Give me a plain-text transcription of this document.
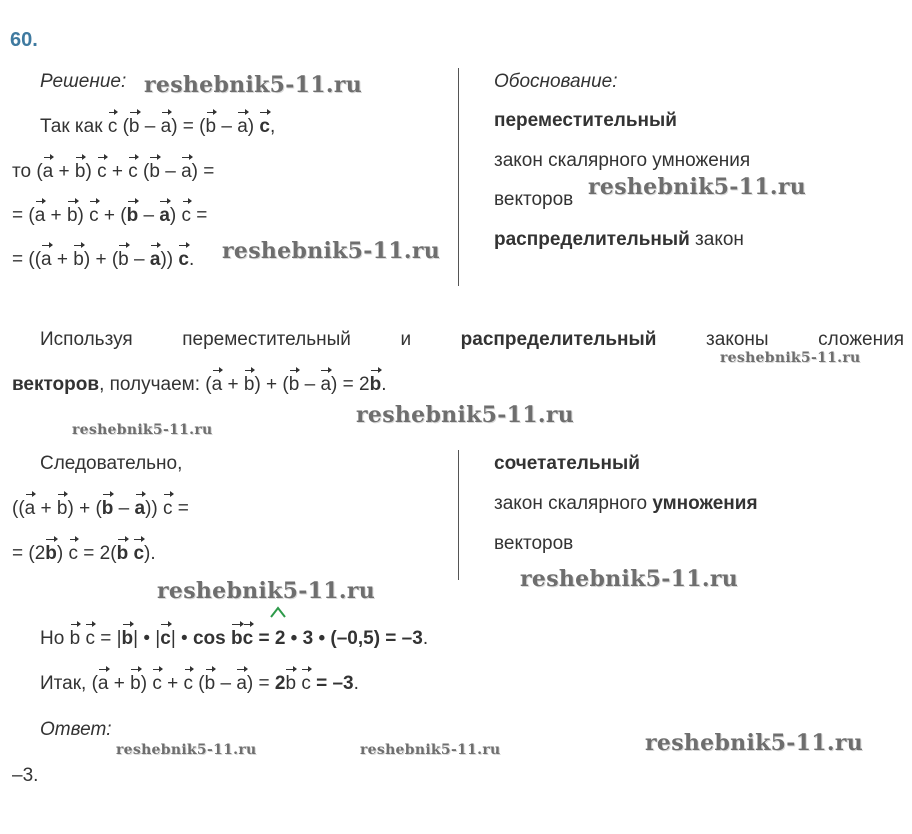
60.
Решение:
Так как c (b – a) = (b – a) c,
то (a + b) c + c (b – a) =
= (a + b) c + (b – a) c =
= ((a + b) + (b – a)) c.
Обоснование:
переместительный
закон скалярного умножения
векторов
распределительный закон
Используя	переместительный	и	распределительный	законы	сложения
векторов, получаем: (a + b) + (b – a) = 2b.
Следовательно,
((a + b) + (b – a)) c =
= (2b) c = 2(b c).
сочетательный
закон скалярного умножения
векторов
Но b c = |b| • |c| • cos bc = 2 • 3 • (–0,5) = –3.
Итак, (a + b) c + c (b – a) = 2b c = –3.
Ответ:
–3.
reshebnik5-11.ru
reshebnik5-11.ru
reshebnik5-11.ru
reshebnik5-11.ru
reshebnik5-11.ru
reshebnik5-11.ru
reshebnik5-11.ru
reshebnik5-11.ru
reshebnik5-11.ru
reshebnik5-11.ru	reshebnik5-11.ru
